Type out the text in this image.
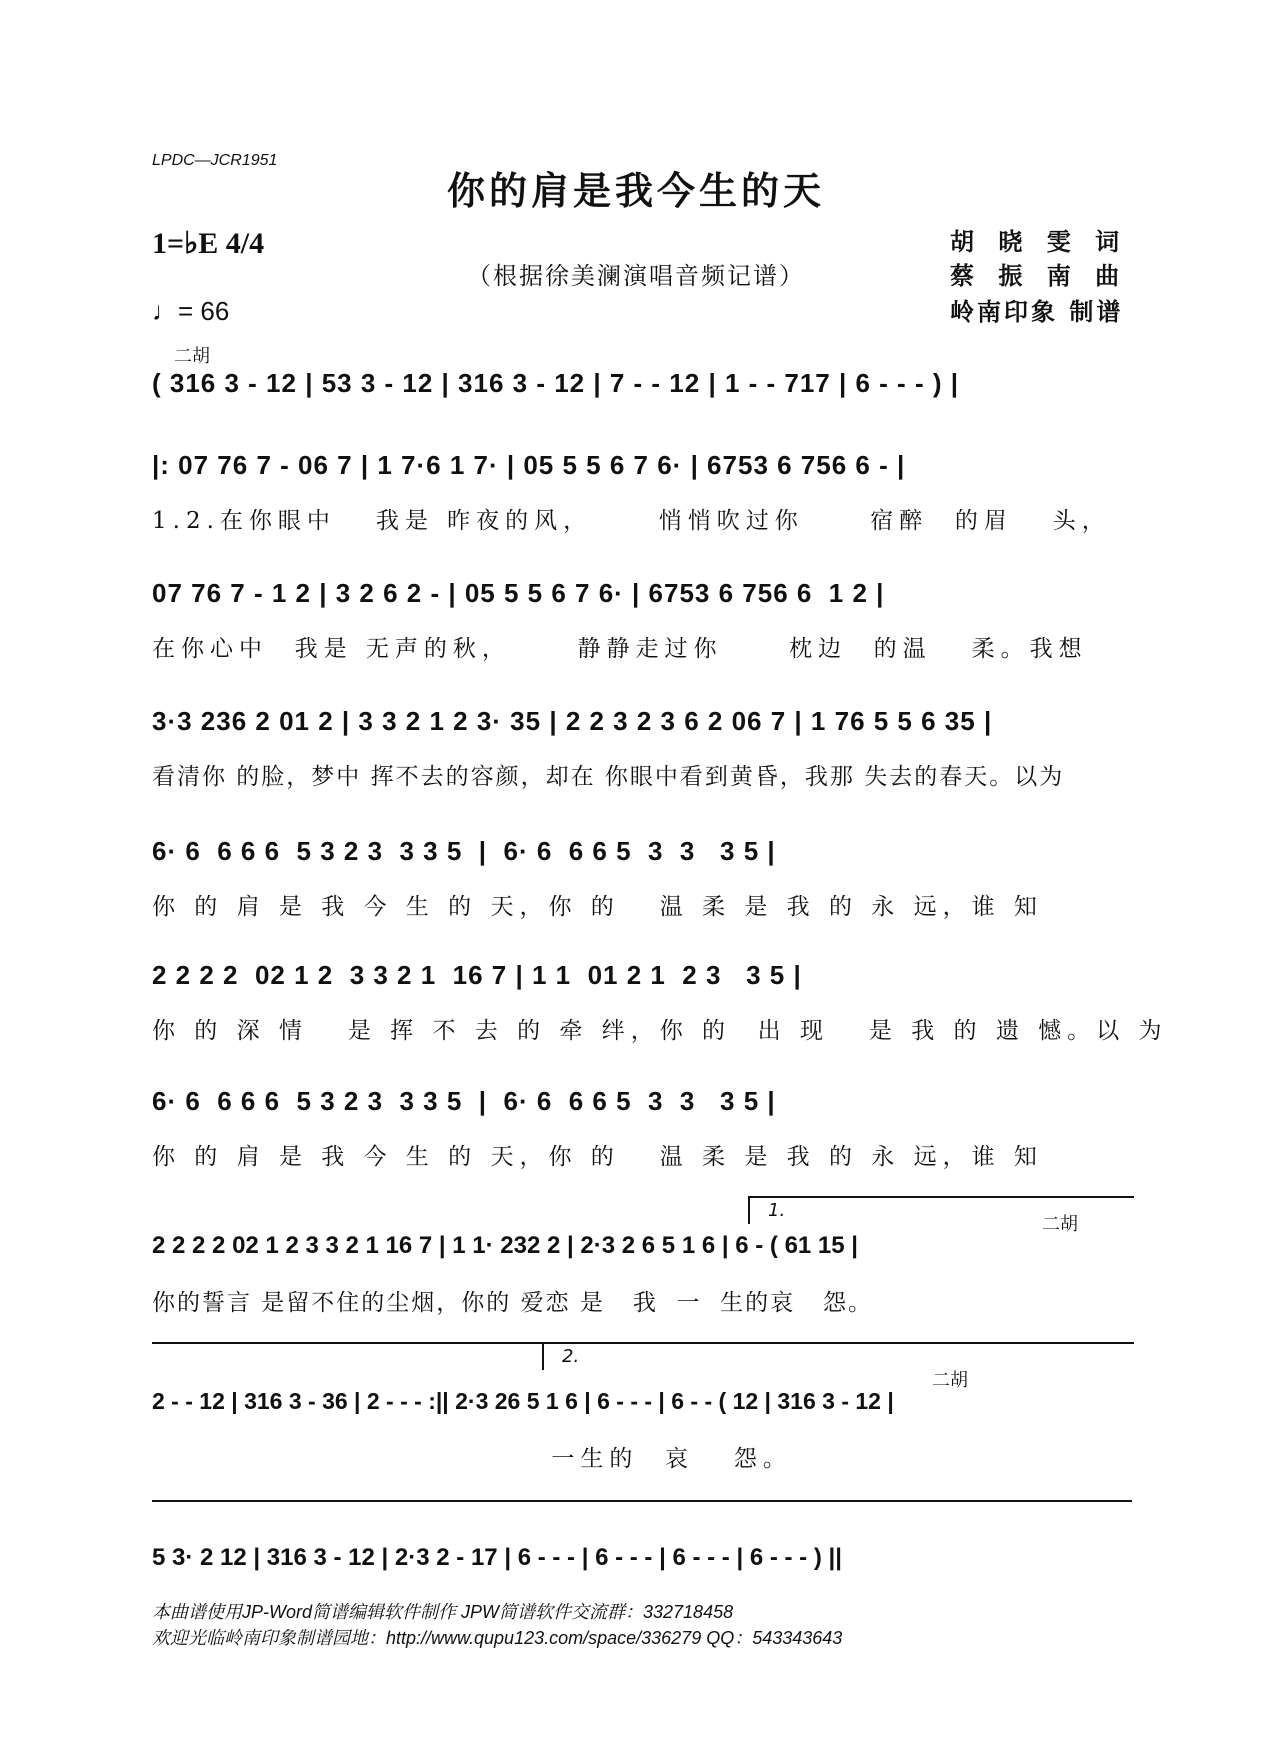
LPDC—JCR1951
你的肩是我今生的天
1=♭E 4/4
（根据徐美澜演唱音频记谱）
♩= 66
胡 晓 雯 词
蔡 振 南 曲
岭南印象 制谱
二胡
( 316 3 - 12 | 53 3 - 12 | 316 3 - 12 | 7 - - 12 | 1 - - 717 | 6 - - - ) |
|: 07 76 7 - 06 7 | 1 7·6 1 7· | 05 5 5 6 7 6· | 6753 6 756 6 - |
1.2.在你眼中   我是 昨夜的风，     悄悄吹过你     宿醉  的眉   头，
07 76 7 - 1 2 | 3 2 6 2 - | 05 5 5 6 7 6· | 6753 6 756 6  1 2 |
在你心中  我是 无声的秋，     静静走过你     枕边  的温   柔。我想
3·3 236 2 01 2 | 3 3 2 1 2 3· 35 | 2 2 3 2 3 6 2 06 7 | 1 76 5 5 6 35 |
看清你 的脸，梦中 挥不去的容颜，却在 你眼中看到黄昏，我那 失去的春天。以为
6· 6  6 6 6  5 3 2 3  3 3 5  |  6· 6  6 6 5  3  3   3 5 |
你 的 肩 是 我 今 生 的 天，你 的   温 柔 是 我 的 永 远，谁 知
2 2 2 2  02 1 2  3 3 2 1  16 7 | 1 1  01 2 1  2 3   3 5 |
你 的 深 情   是 挥 不 去 的 牵 绊，你 的  出 现   是 我 的 遗 憾。以 为
6· 6  6 6 6  5 3 2 3  3 3 5  |  6· 6  6 6 5  3  3   3 5 |
你 的 肩 是 我 今 生 的 天，你 的   温 柔 是 我 的 永 远，谁 知
1.
二胡
2 2 2 2 02 1 2 3 3 2 1 16 7 | 1 1· 232 2 | 2·3 2 6 5 1 6 | 6 - ( 61 15 |
你的誓言 是留不住的尘烟，你的 爱恋 是   我  一  生的哀   怨。
2.
二胡
2 - - 12 | 316 3 - 36 | 2 - - - :|| 2·3 26 5 1 6 | 6 - - - | 6 - - ( 12 | 316 3 - 12 |
一生的  哀   怨。
5 3· 2 12 | 316 3 - 12 | 2·3 2 - 17 | 6 - - - | 6 - - - | 6 - - - | 6 - - - ) ||
本曲谱使用JP-Word简谱编辑软件制作 JPW简谱软件交流群：332718458
欢迎光临岭南印象制谱园地：http://www.qupu123.com/space/336279 QQ：543343643
